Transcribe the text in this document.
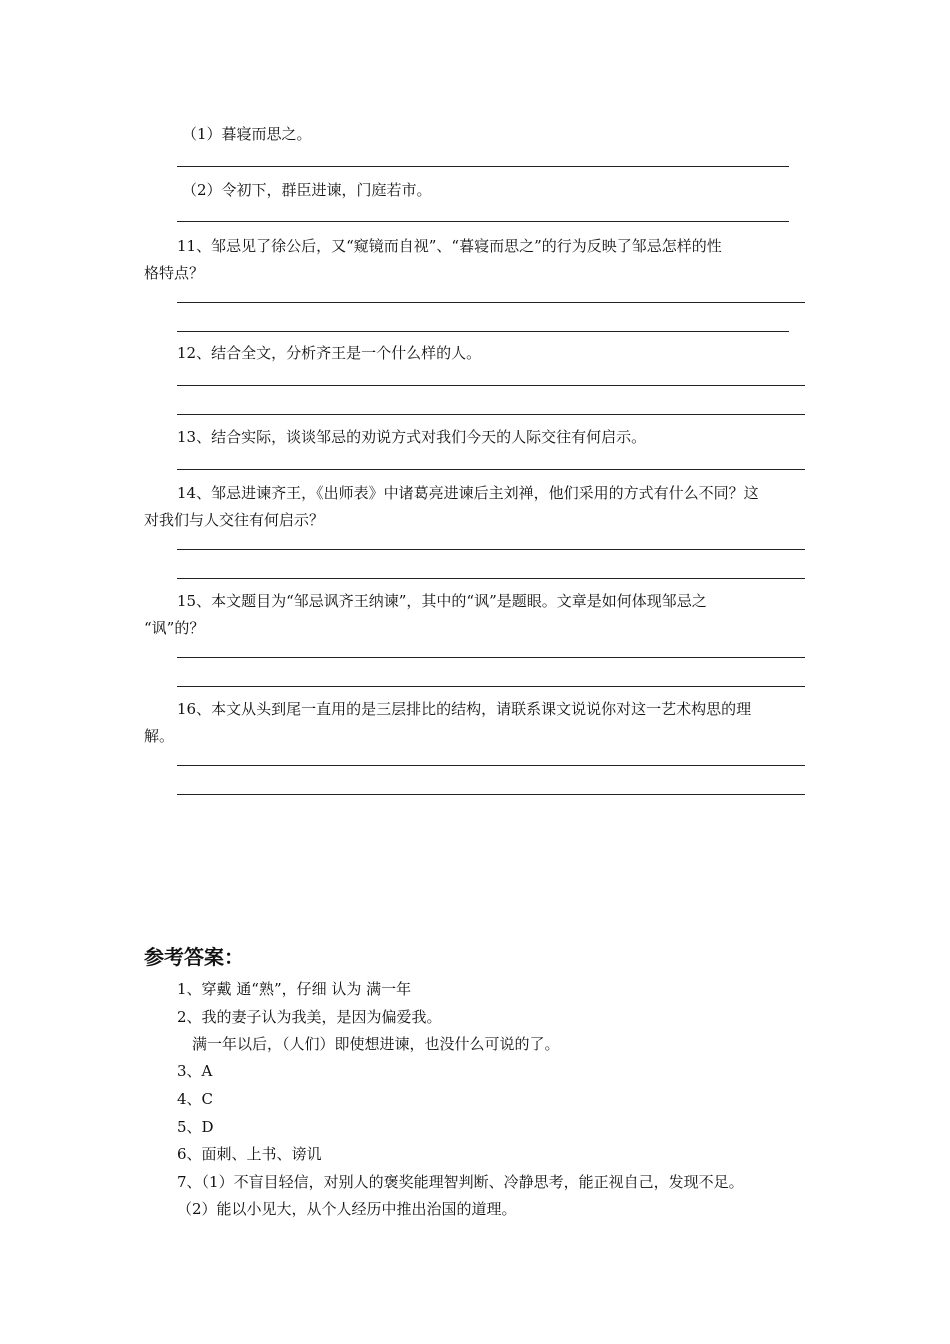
（1）暮寝而思之。
（2）令初下，群臣进谏，门庭若市。
11、邹忌见了徐公后，又“窥镜而自视”、“暮寝而思之”的行为反映了邹忌怎样的性
格特点？
12、结合全文，分析齐王是一个什么样的人。
13、结合实际，谈谈邹忌的劝说方式对我们今天的人际交往有何启示。
14、邹忌进谏齐王，《出师表》中诸葛亮进谏后主刘禅，他们采用的方式有什么不同？这
对我们与人交往有何启示？
15、本文题目为“邹忌讽齐王纳谏”，其中的“讽”是题眼。文章是如何体现邹忌之
“讽”的？
16、本文从头到尾一直用的是三层排比的结构，请联系课文说说你对这一艺术构思的理
解。
参考答案：
1、穿戴 通“熟”，仔细 认为 满一年
2、我的妻子认为我美，是因为偏爱我。
满一年以后，（人们）即使想进谏，也没什么可说的了。
3、A
4、C
5、D
6、面刺、上书、谤讥
7、（1）不盲目轻信，对别人的褒奖能理智判断、冷静思考，能正视自己，发现不足。
（2）能以小见大，从个人经历中推出治国的道理。
